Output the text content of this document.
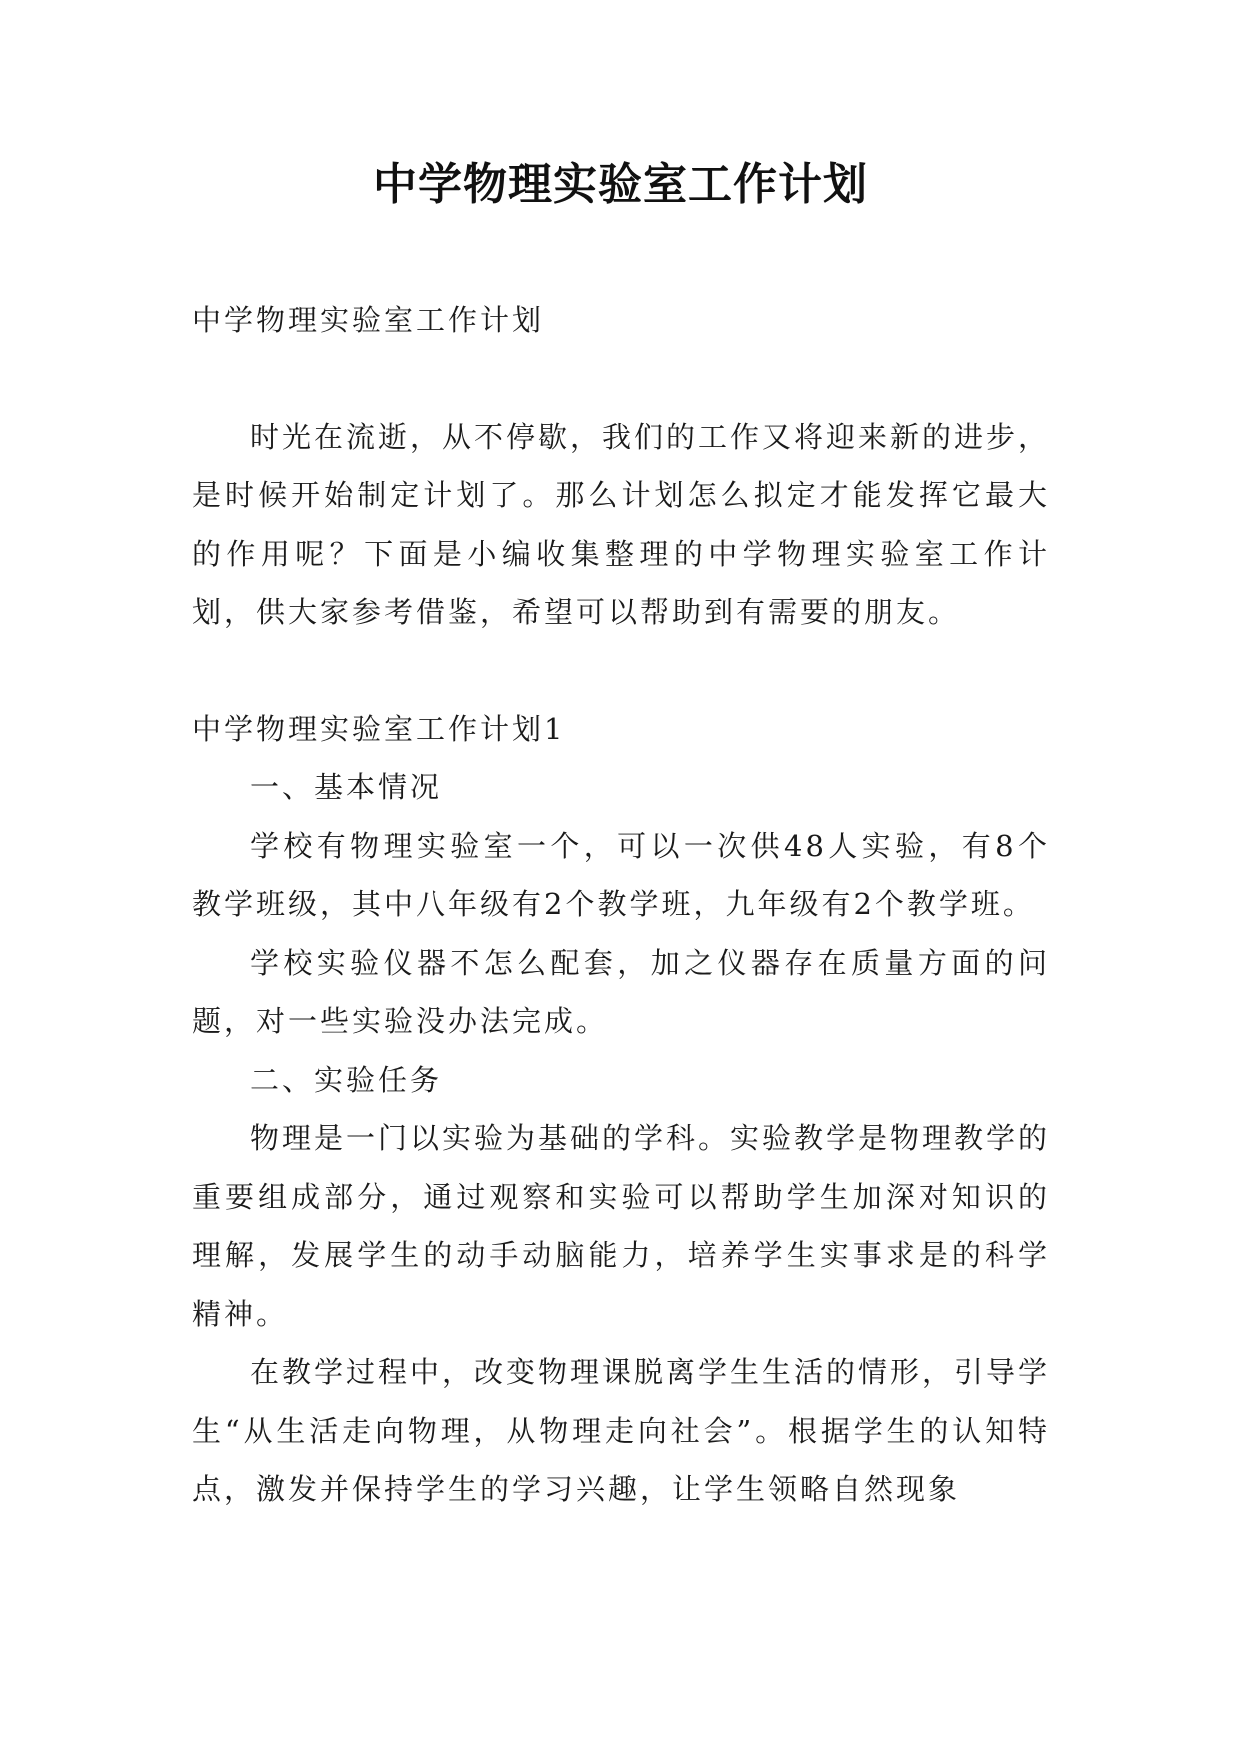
中学物理实验室工作计划

中学物理实验室工作计划

时光在流逝，从不停歇，我们的工作又将迎来新的进步，是时候开始制定计划了。那么计划怎么拟定才能发挥它最大的作用呢？下面是小编收集整理的中学物理实验室工作计划，供大家参考借鉴，希望可以帮助到有需要的朋友。

中学物理实验室工作计划1

一、基本情况

学校有物理实验室一个，可以一次供48人实验，有8个教学班级，其中八年级有2个教学班，九年级有2个教学班。

学校实验仪器不怎么配套，加之仪器存在质量方面的问题，对一些实验没办法完成。

二、实验任务

物理是一门以实验为基础的学科。实验教学是物理教学的重要组成部分，通过观察和实验可以帮助学生加深对知识的理解，发展学生的动手动脑能力，培养学生实事求是的科学精神。

在教学过程中，改变物理课脱离学生生活的情形，引导学生“从生活走向物理，从物理走向社会”。根据学生的认知特点，激发并保持学生的学习兴趣，让学生领略自然现象
